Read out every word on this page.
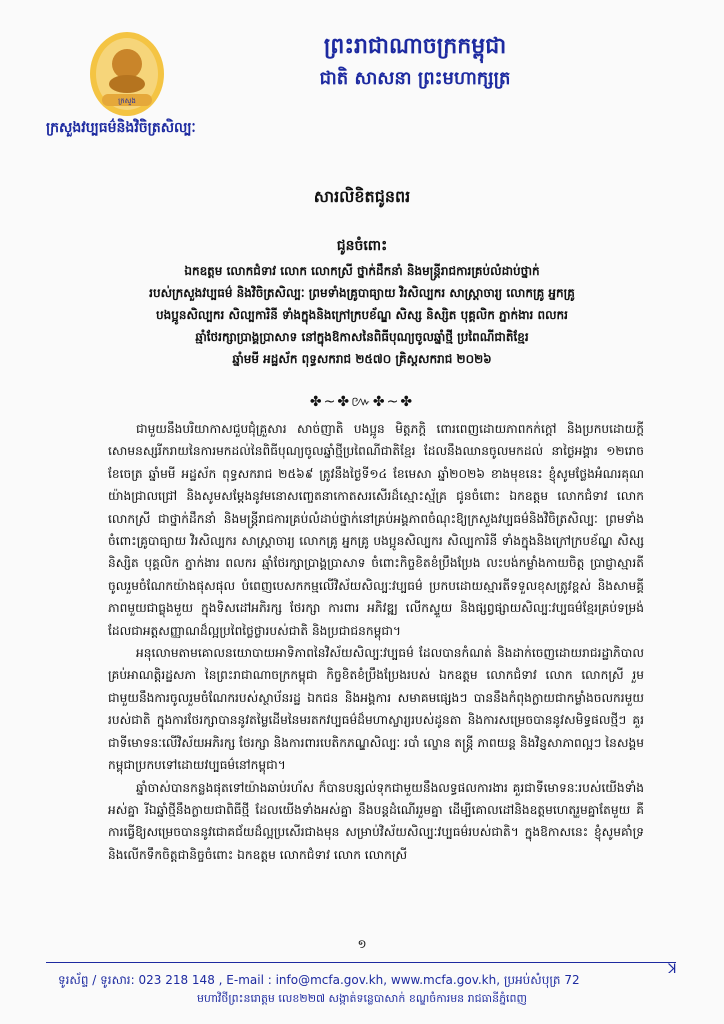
ក្រសួង
ព្រះរាជាណាចក្រកម្ពុជា
ជាតិ សាសនា ព្រះមហាក្សត្រ
ក្រសួងវប្បធម៌និងវិចិត្រសិល្បៈ
សារលិខិតជូនពរ
ជូនចំពោះ
ឯកឧត្តម លោកជំទាវ លោក លោកស្រី ថ្នាក់ដឹកនាំ និងមន្ត្រីរាជការគ្រប់លំដាប់ថ្នាក់
របស់ក្រសួងវប្បធម៌ និងវិចិត្រសិល្បៈ ព្រមទាំងគ្រូបាធ្យាយ វិរសិល្បករ សាស្ត្រាចារ្យ លោកគ្រូ អ្នកគ្រូ
បងប្អូនសិល្បករ សិល្បការិនី ទាំងក្នុងនិងក្រៅក្របខ័ណ្ឌ សិស្ស និស្សិត បុគ្គលិក ភ្នាក់ងារ ពលករ
ឆ្មាំថែរក្សាប្រាង្គប្រាសាទ នៅក្នុងឱកាសនៃពិធីបុណ្យចូលឆ្នាំថ្មី ប្រពៃណីជាតិខ្មែរ
ឆ្នាំមមី អដ្ឋស័ក ពុទ្ធសករាជ ២៥៧០ គ្រិស្តសករាជ ២០២៦
✤~✤៚✤~✤

ជាមួយនឹងបរិយាកាសជួបជុំគ្រួសារ សាច់ញាតិ បងប្អូន មិត្តភក្តិ ពោរពេញដោយភាពកក់ក្តៅ និងប្រកបដោយក្តីសោមនស្សរីករាយនៃការមកដល់នៃពិធីបុណ្យចូលឆ្នាំថ្មីប្រពៃណីជាតិខ្មែរ ដែលនឹងឈានចូលមកដល់ នាថ្ងៃអង្គារ ១២រោច ខែចេត្រ ឆ្នាំមមី អដ្ឋស័ក ពុទ្ធសករាជ ២៥៦៩ ត្រូវនឹងថ្ងៃទី១៤ ខែមេសា ឆ្នាំ២០២៦ ខាងមុខនេះ ខ្ញុំសូមថ្លែងអំណរគុណយ៉ាងជ្រាលជ្រៅ និងសូមសម្តែងនូវមនោសញ្ចេតនាកោតសរសើរដ៏ស្មោះស្ម័គ្រ ជូនចំពោះ ឯកឧត្តម លោកជំទាវ លោក លោកស្រី ជាថ្នាក់ដឹកនាំ និងមន្ត្រីរាជការគ្រប់លំដាប់ថ្នាក់នៅគ្រប់អង្គភាពចំណុះឱ្យក្រសួងវប្បធម៌និងវិចិត្រសិល្បៈ ព្រមទាំងចំពោះគ្រូបាធ្យាយ វិរសិល្បករ សាស្ត្រាចារ្យ លោកគ្រូ អ្នកគ្រូ បងប្អូនសិល្បករ សិល្បការិនី ទាំងក្នុងនិងក្រៅក្របខ័ណ្ឌ សិស្ស និស្សិត បុគ្គលិក ភ្នាក់ងារ ពលករ ឆ្មាំថែរក្សាប្រាង្គប្រាសាទ ចំពោះកិច្ចខិតខំប្រឹងប្រែង លះបង់កម្លាំងកាយចិត្ត ប្រាជ្ញាស្មារតី ចូលរួមចំណែកយ៉ាងផុសផុល បំពេញបេសកកម្មលើវិស័យសិល្បៈវប្បធម៌ ប្រកបដោយស្មារតីទទួលខុសត្រូវខ្ពស់ និងសាមគ្គីភាពមួយជាធ្លុងមួយ ក្នុងទិសដៅអភិរក្ស ថែរក្សា ការពារ អភិវឌ្ឍ លើកស្ទួយ និងផ្សព្វផ្សាយសិល្បៈវប្បធម៌ខ្មែរគ្រប់ទម្រង់ ដែលជាអត្តសញ្ញាណដ៏ល្អប្រពៃថ្លៃថ្លារបស់ជាតិ និងប្រជាជនកម្ពុជា។

អនុលោមតាមគោលនយោបាយអាទិភាពនៃវិស័យសិល្បៈវប្បធម៌ ដែលបានកំណត់ និងដាក់ចេញដោយរាជរដ្ឋាភិបាលគ្រប់អាណត្តិរដ្ឋសភា នៃព្រះរាជាណាចក្រកម្ពុជា កិច្ចខិតខំប្រឹងប្រែងរបស់ ឯកឧត្តម លោកជំទាវ លោក លោកស្រី រួមជាមួយនឹងការចូលរួមចំណែករបស់ស្ថាប័នរដ្ឋ ឯកជន និងអង្គការ សមាគមផ្សេងៗ បាននឹងកំពុងក្លាយជាកម្លាំងចលករមួយរបស់ជាតិ ក្នុងការថែរក្សាបាននូវតម្លៃដើមនៃមរតកវប្បធម៌ដ៏មហាស្ចារ្យរបស់ដូនតា និងការសម្រេចបាននូវសមិទ្ធផលថ្មីៗ គួរជាទីមោទនៈលើវិស័យអភិរក្ស ថែរក្សា និងការពារបេតិកភណ្ឌសិល្បៈ របាំ ល្ខោន តន្ត្រី ភាពយន្ត និងវិន្ញ្ញសាភាពល្អៗ នៃសង្គមកម្ពុជាប្រកបទៅដោយវប្បធម៌នៅកម្ពុជា។

ឆ្នាំចាស់បានកន្លងផុតទៅយ៉ាងឆាប់រហ័ស ក៏បានបន្សល់ទុកជាមួយនឹងលទ្ធផលការងារ គួរជាទីមោទនៈរបស់យើងទាំងអស់គ្នា រីឯឆ្នាំថ្មីនឹងក្លាយជាពិធីថ្មី ដែលយើងទាំងអស់គ្នា នឹងបន្តដំណើររួមគ្នា ដើម្បីគោលដៅនិងឧត្តមហេតុរួមគ្នាតែមួយ គឺការធ្វើឱ្យសម្រេចបាននូវជោគជ័យដ៏ល្អប្រសើរជាងមុន សម្រាប់វិស័យសិល្បៈវប្បធម៌របស់ជាតិ។ ក្នុងឱកាសនេះ ខ្ញុំសូមគាំទ្រ និងលើកទឹកចិត្តជានិច្ចចំពោះ ឯកឧត្តម លោកជំទាវ លោក លោកស្រី

១
ទូរស័ព្ទ / ទូរសារ: 023 218 148 , E-mail : info@mcfa.gov.kh, www.mcfa.gov.kh, ប្រអប់សំបុត្រ 72
ꓘ
មហាវិថីព្រះនរោត្តម លេខ២២៧ សង្កាត់ទន្លេបាសាក់ ខណ្ឌចំការមន រាជធានីភ្នំពេញ
